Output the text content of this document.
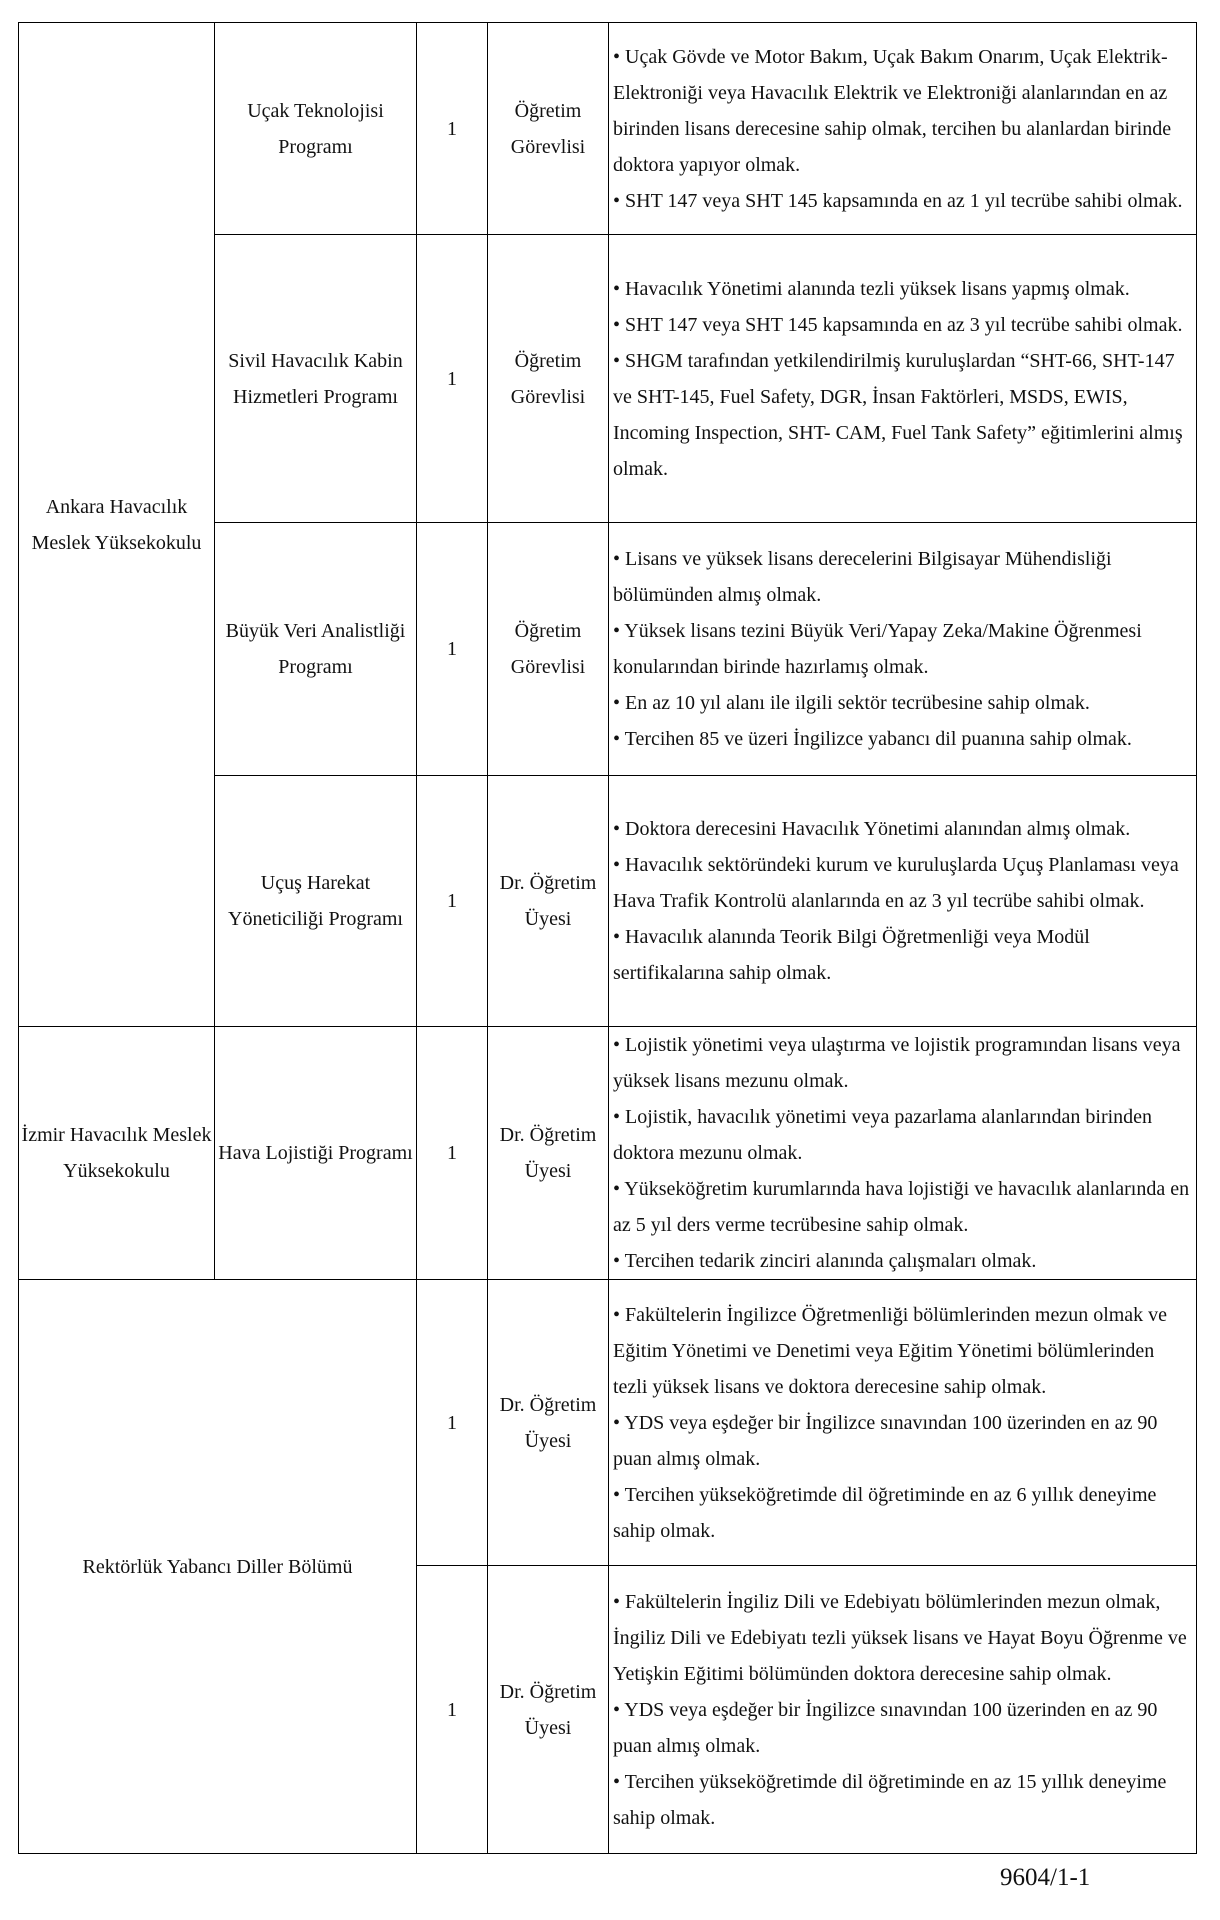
Ankara Havacılık Meslek Yüksekokulu	Uçak Teknolojisi Programı	1	Öğretim Görevlisi	• Uçak Gövde ve Motor Bakım, Uçak Bakım Onarım, Uçak Elektrik-Elektroniği veya Havacılık Elektrik ve Elektroniği alanlarından en az birinden lisans derecesine sahip olmak, tercihen bu alanlardan birinde doktora yapıyor olmak.

• SHT 147 veya SHT 145 kapsamında en az 1 yıl tecrübe sahibi olmak.

	Sivil Havacılık Kabin Hizmetleri Programı	1	Öğretim Görevlisi	• Havacılık Yönetimi alanında tezli yüksek lisans yapmış olmak.

• SHT 147 veya SHT 145 kapsamında en az 3 yıl tecrübe sahibi olmak.

• SHGM tarafından yetkilendirilmiş kuruluşlardan “SHT-66, SHT-147 ve SHT-145, Fuel Safety, DGR, İnsan Faktörleri, MSDS, EWIS, Incoming Inspection, SHT- CAM, Fuel Tank Safety” eğitimlerini almış olmak.

	Büyük Veri Analistliği Programı	1	Öğretim Görevlisi	• Lisans ve yüksek lisans derecelerini Bilgisayar Mühendisliği bölümünden almış olmak.

• Yüksek lisans tezini Büyük Veri/Yapay Zeka/Makine Öğrenmesi konularından birinde hazırlamış olmak.

• En az 10 yıl alanı ile ilgili sektör tecrübesine sahip olmak.

• Tercihen 85 ve üzeri İngilizce yabancı dil puanına sahip olmak.

	Uçuş Harekat Yöneticiliği Programı	1	Dr. Öğretim Üyesi	• Doktora derecesini Havacılık Yönetimi alanından almış olmak.

• Havacılık sektöründeki kurum ve kuruluşlarda Uçuş Planlaması veya Hava Trafik Kontrolü alanlarında en az 3 yıl tecrübe sahibi olmak.

• Havacılık alanında Teorik Bilgi Öğretmenliği veya Modül sertifikalarına sahip olmak.

İzmir Havacılık Meslek Yüksekokulu	Hava Lojistiği Programı	1	Dr. Öğretim Üyesi	• Lojistik yönetimi veya ulaştırma ve lojistik programından lisans veya yüksek lisans mezunu olmak.

• Lojistik, havacılık yönetimi veya pazarlama alanlarından birinden doktora mezunu olmak.

• Yükseköğretim kurumlarında hava lojistiği ve havacılık alanlarında en az 5 yıl ders verme tecrübesine sahip olmak.

• Tercihen tedarik zinciri alanında çalışmaları olmak.

Rektörlük Yabancı Diller Bölümü		1	Dr. Öğretim Üyesi	• Fakültelerin İngilizce Öğretmenliği bölümlerinden mezun olmak ve Eğitim Yönetimi ve Denetimi veya Eğitim Yönetimi bölümlerinden tezli yüksek lisans ve doktora derecesine sahip olmak.

• YDS veya eşdeğer bir İngilizce sınavından 100 üzerinden en az 90 puan almış olmak.

• Tercihen yükseköğretimde dil öğretiminde en az 6 yıllık deneyime sahip olmak.

		1	Dr. Öğretim Üyesi	• Fakültelerin İngiliz Dili ve Edebiyatı bölümlerinden mezun olmak, İngiliz Dili ve Edebiyatı tezli yüksek lisans ve Hayat Boyu Öğrenme ve Yetişkin Eğitimi bölümünden doktora derecesine sahip olmak.

• YDS veya eşdeğer bir İngilizce sınavından 100 üzerinden en az 90 puan almış olmak.

• Tercihen yükseköğretimde dil öğretiminde en az 15 yıllık deneyime sahip olmak.

9604/1-1
